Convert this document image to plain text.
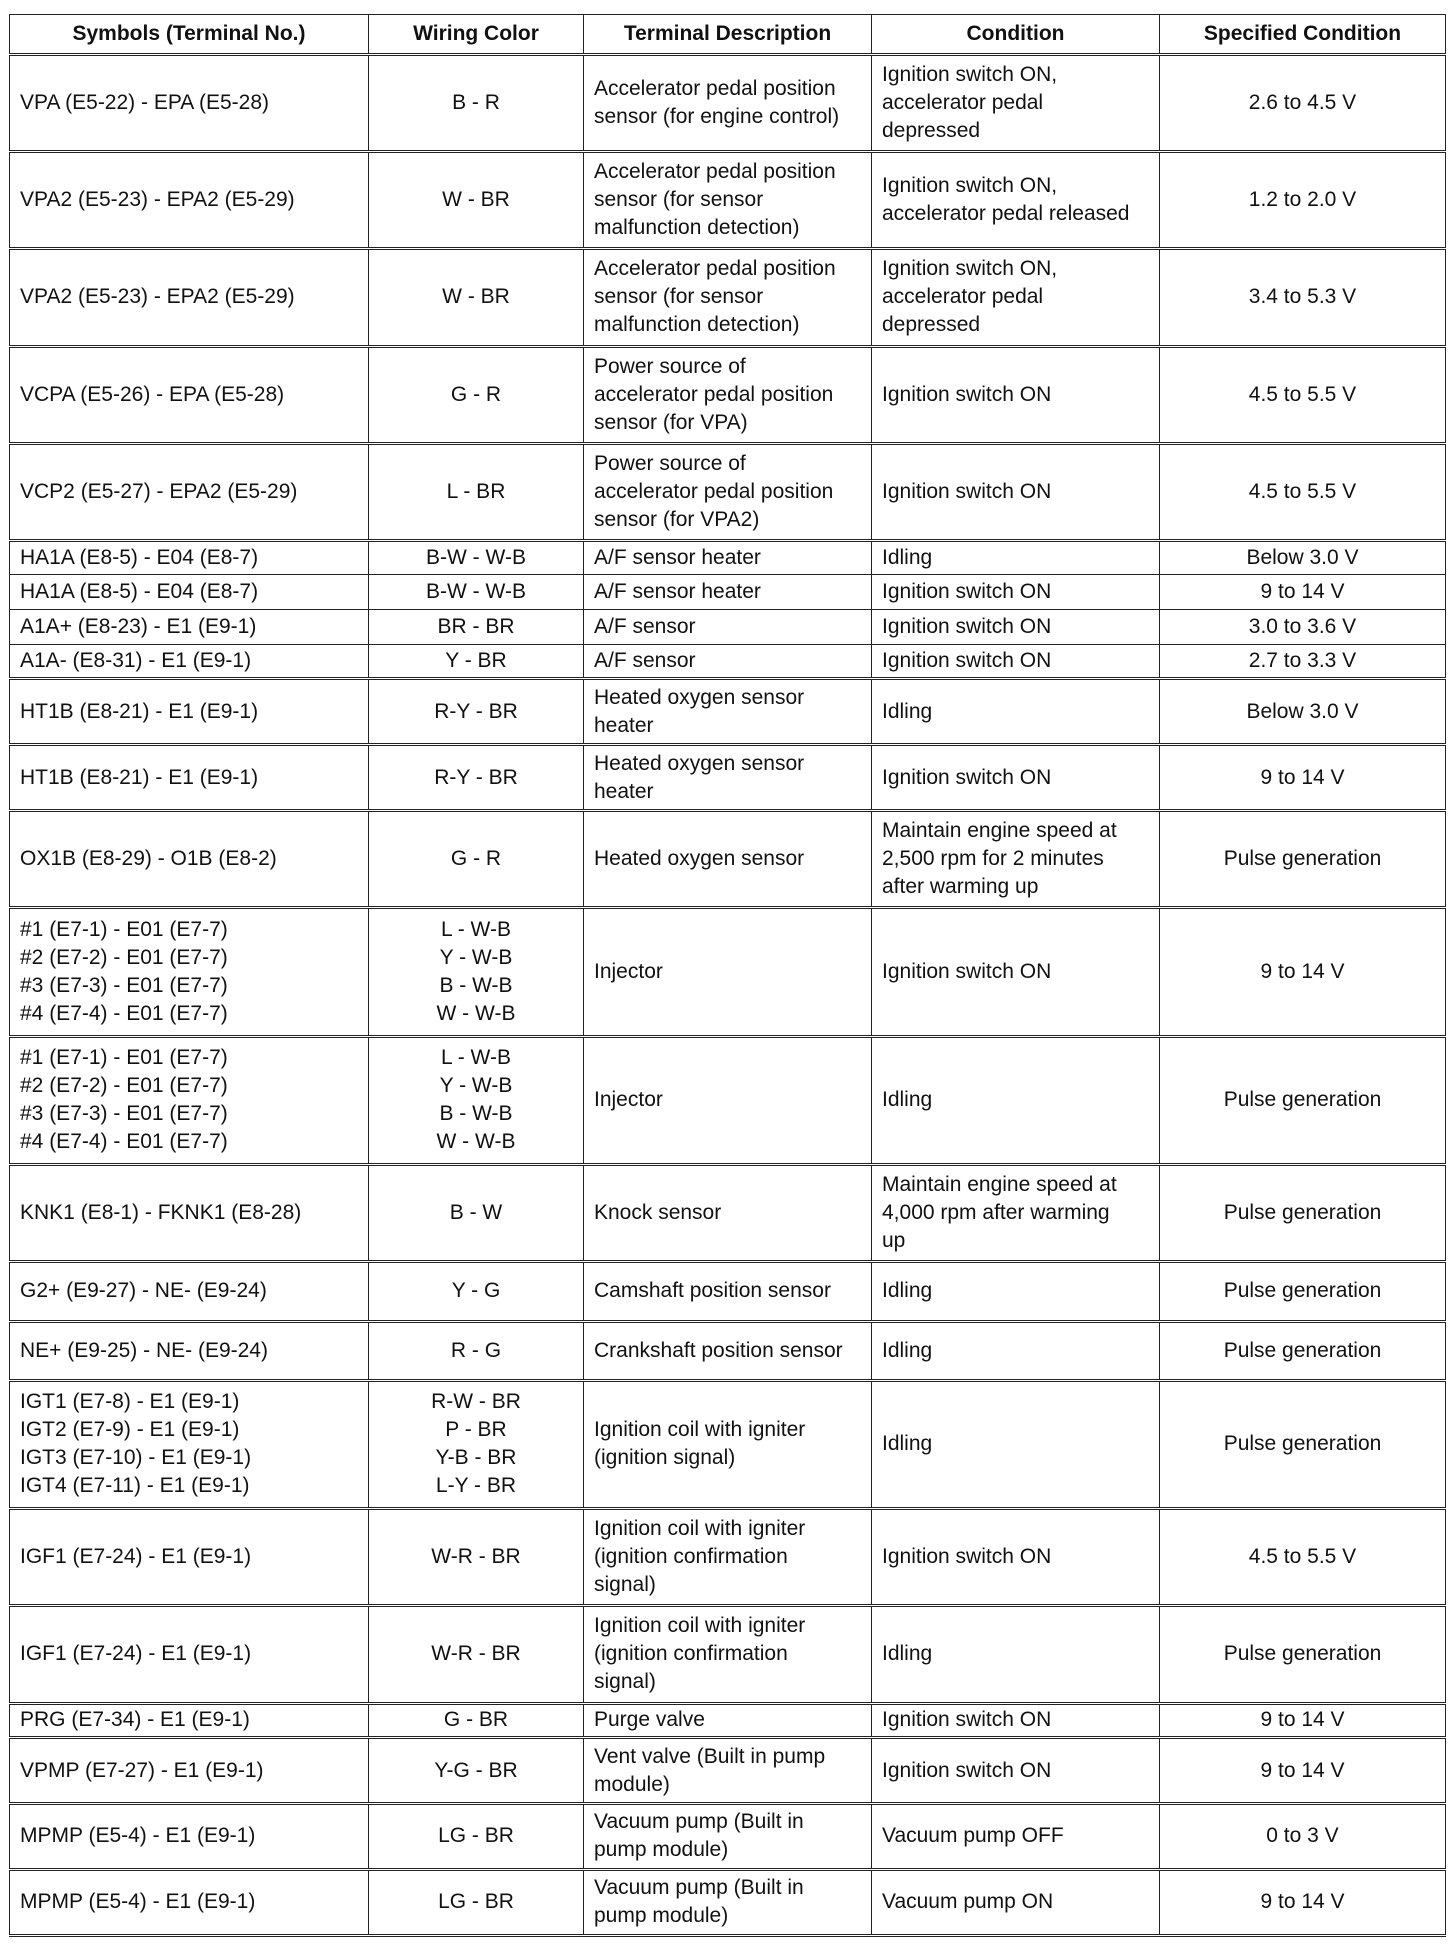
Symbols (Terminal No.)	Wiring Color	Terminal Description	Condition	Specified Condition

VPA (E5-22) - EPA (E5-28)	B - R	Accelerator pedal position
sensor (for engine control)	Ignition switch ON,
accelerator pedal
depressed	2.6 to 4.5 V

VPA2 (E5-23) - EPA2 (E5-29)	W - BR	Accelerator pedal position
sensor (for sensor
malfunction detection)	Ignition switch ON,
accelerator pedal released	1.2 to 2.0 V

VPA2 (E5-23) - EPA2 (E5-29)	W - BR	Accelerator pedal position
sensor (for sensor
malfunction detection)	Ignition switch ON,
accelerator pedal
depressed	3.4 to 5.3 V

VCPA (E5-26) - EPA (E5-28)	G - R	Power source of
accelerator pedal position
sensor (for VPA)	Ignition switch ON	4.5 to 5.5 V

VCP2 (E5-27) - EPA2 (E5-29)	L - BR	Power source of
accelerator pedal position
sensor (for VPA2)	Ignition switch ON	4.5 to 5.5 V

HA1A (E8-5) - E04 (E8-7)	B-W - W-B	A/F sensor heater	Idling	Below 3.0 V

HA1A (E8-5) - E04 (E8-7)	B-W - W-B	A/F sensor heater	Ignition switch ON	9 to 14 V

A1A+ (E8-23) - E1 (E9-1)	BR - BR	A/F sensor	Ignition switch ON	3.0 to 3.6 V

A1A- (E8-31) - E1 (E9-1)	Y - BR	A/F sensor	Ignition switch ON	2.7 to 3.3 V

HT1B (E8-21) - E1 (E9-1)	R-Y - BR	Heated oxygen sensor
heater	Idling	Below 3.0 V

HT1B (E8-21) - E1 (E9-1)	R-Y - BR	Heated oxygen sensor
heater	Ignition switch ON	9 to 14 V

OX1B (E8-29) - O1B (E8-2)	G - R	Heated oxygen sensor	Maintain engine speed at
2,500 rpm for 2 minutes
after warming up	Pulse generation

#1 (E7-1) - E01 (E7-7)
#2 (E7-2) - E01 (E7-7)
#3 (E7-3) - E01 (E7-7)
#4 (E7-4) - E01 (E7-7)	L - W-B
Y - W-B
B - W-B
W - W-B	Injector	Ignition switch ON	9 to 14 V

#1 (E7-1) - E01 (E7-7)
#2 (E7-2) - E01 (E7-7)
#3 (E7-3) - E01 (E7-7)
#4 (E7-4) - E01 (E7-7)	L - W-B
Y - W-B
B - W-B
W - W-B	Injector	Idling	Pulse generation

KNK1 (E8-1) - FKNK1 (E8-28)	B - W	Knock sensor	Maintain engine speed at
4,000 rpm after warming
up	Pulse generation

G2+ (E9-27) - NE- (E9-24)	Y - G	Camshaft position sensor	Idling	Pulse generation

NE+ (E9-25) - NE- (E9-24)	R - G	Crankshaft position sensor	Idling	Pulse generation

IGT1 (E7-8) - E1 (E9-1)
IGT2 (E7-9) - E1 (E9-1)
IGT3 (E7-10) - E1 (E9-1)
IGT4 (E7-11) - E1 (E9-1)	R-W - BR
P - BR
Y-B - BR
L-Y - BR	Ignition coil with igniter
(ignition signal)	Idling	Pulse generation

IGF1 (E7-24) - E1 (E9-1)	W-R - BR	Ignition coil with igniter
(ignition confirmation
signal)	Ignition switch ON	4.5 to 5.5 V

IGF1 (E7-24) - E1 (E9-1)	W-R - BR	Ignition coil with igniter
(ignition confirmation
signal)	Idling	Pulse generation

PRG (E7-34) - E1 (E9-1)	G - BR	Purge valve	Ignition switch ON	9 to 14 V

VPMP (E7-27) - E1 (E9-1)	Y-G - BR	Vent valve (Built in pump
module)	Ignition switch ON	9 to 14 V

MPMP (E5-4) - E1 (E9-1)	LG - BR	Vacuum pump (Built in
pump module)	Vacuum pump OFF	0 to 3 V

MPMP (E5-4) - E1 (E9-1)	LG - BR	Vacuum pump (Built in
pump module)	Vacuum pump ON	9 to 14 V
